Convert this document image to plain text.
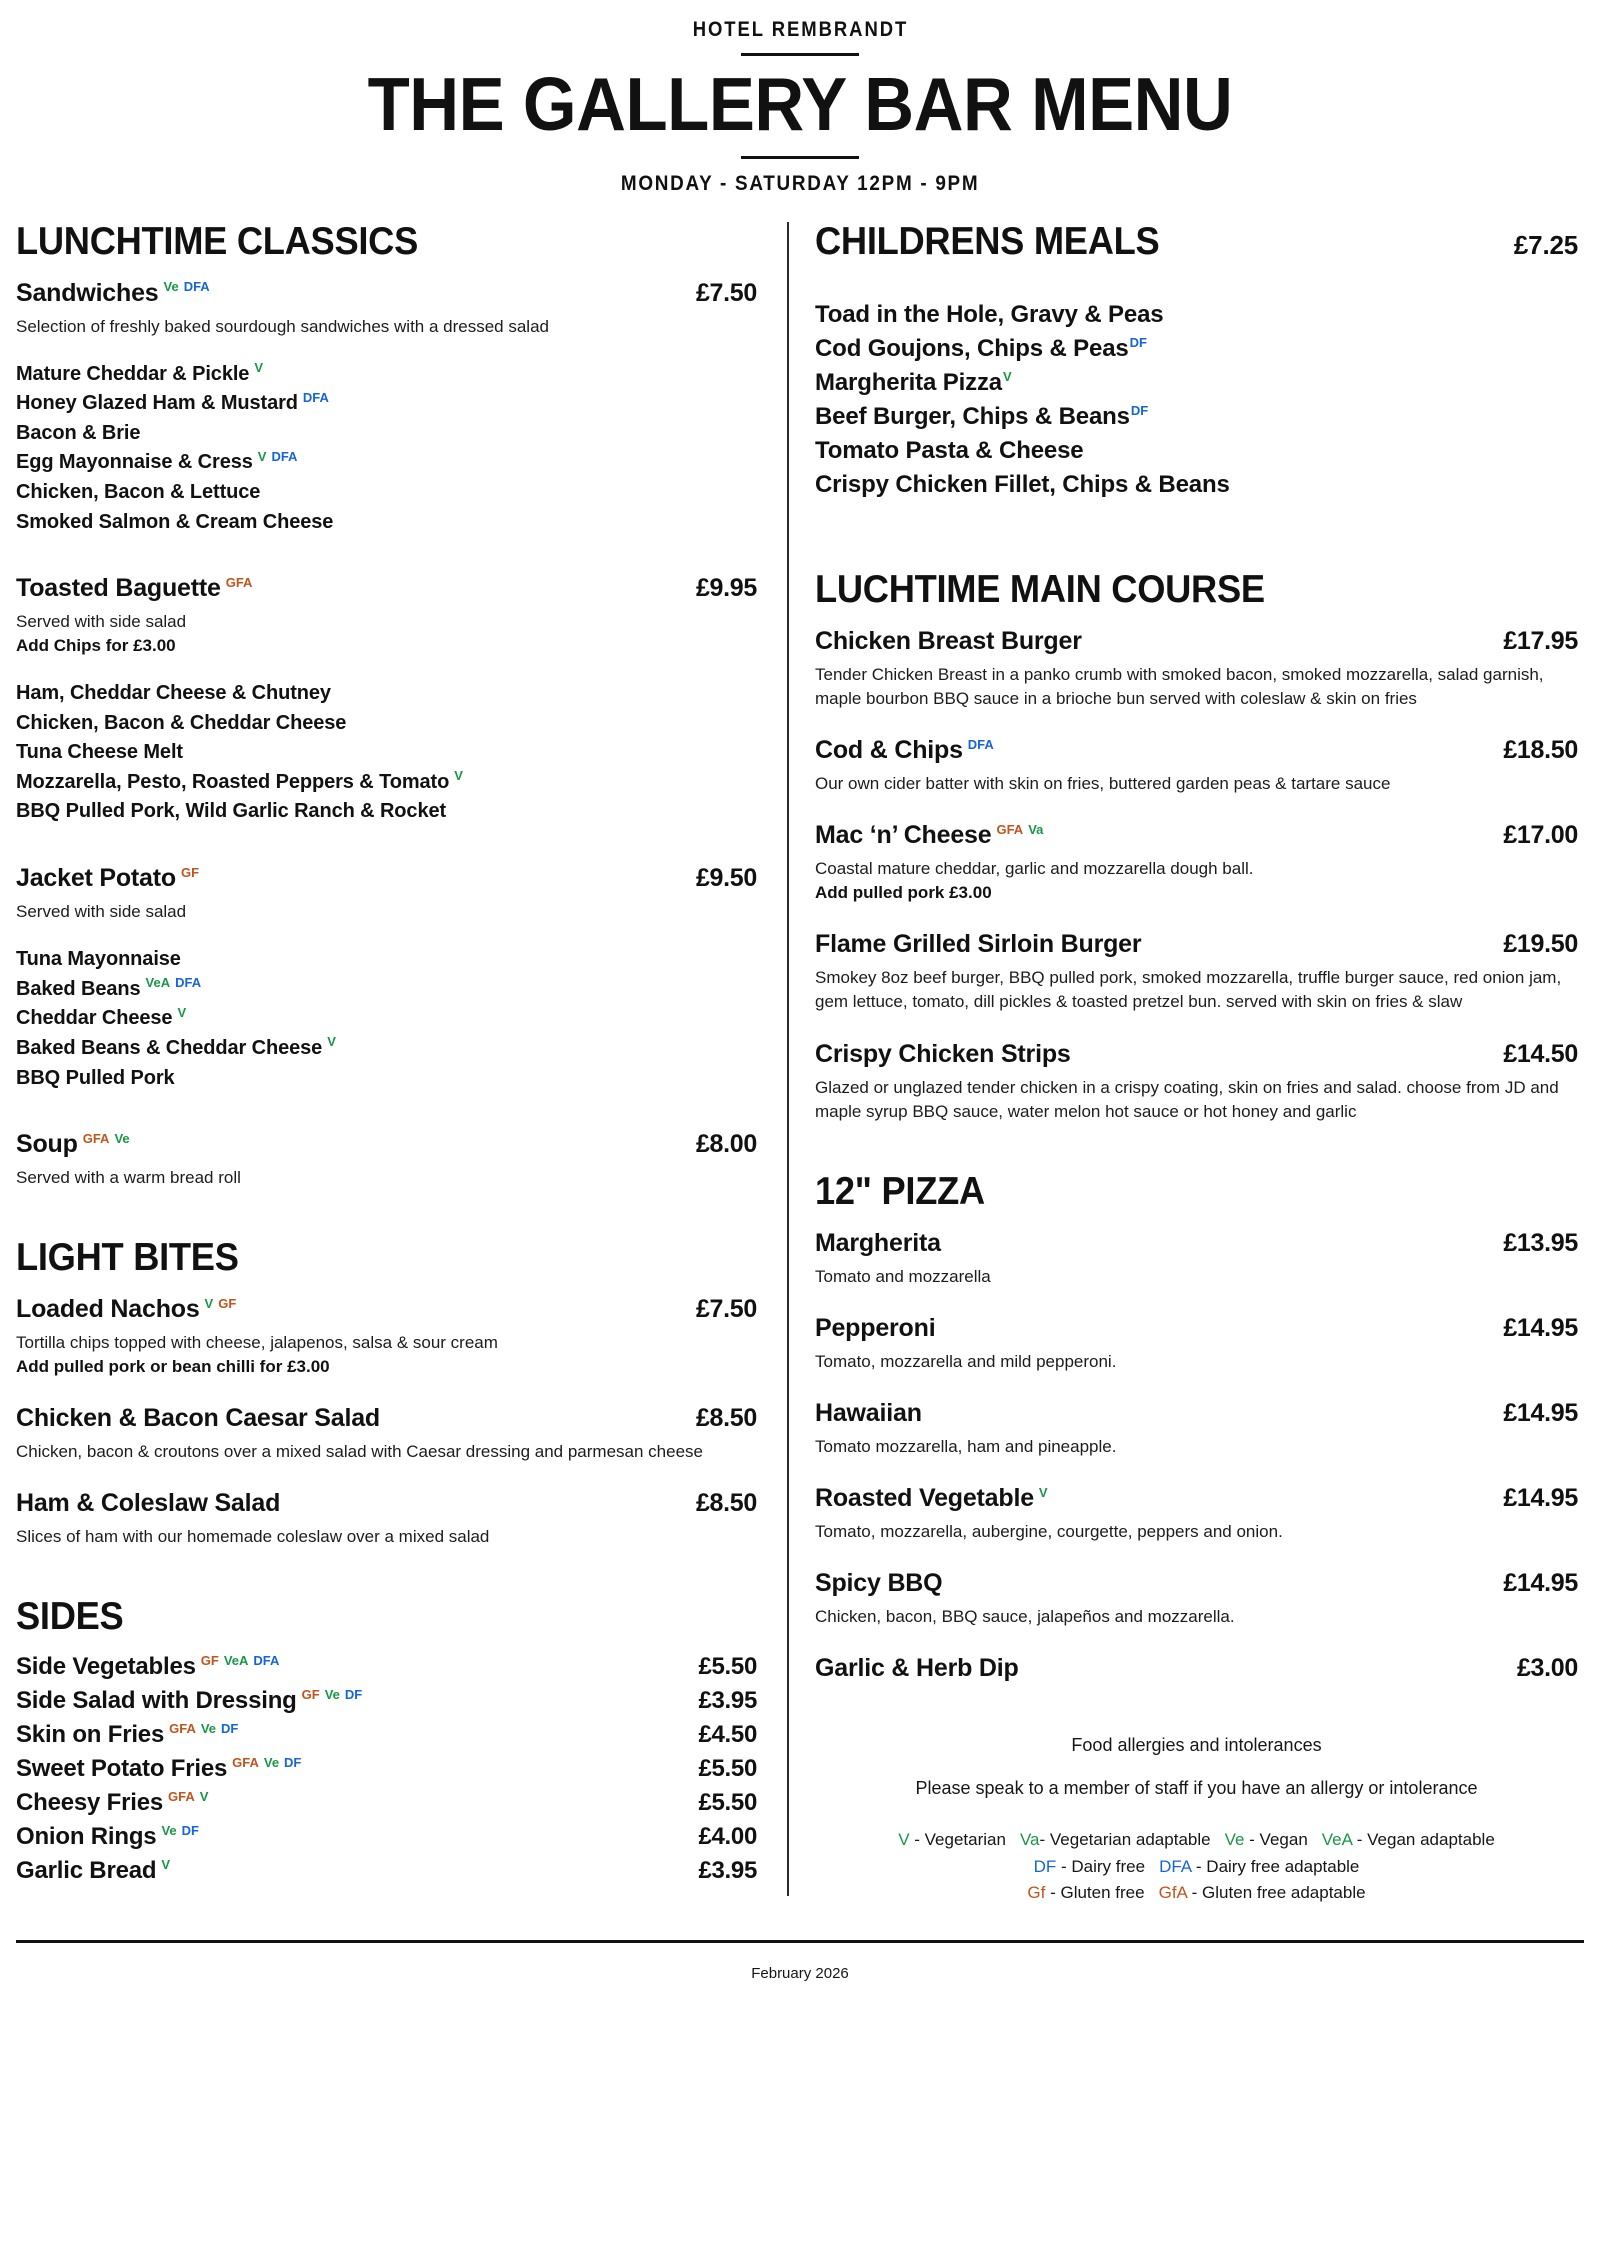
HOTEL REMBRANDT
THE GALLERY BAR MENU
MONDAY - SATURDAY 12PM - 9PM
LUNCHTIME CLASSICS
Sandwiches $^{Ve}$ $^{DFA}$	£7.50
Selection of freshly baked sourdough sandwiches with a dressed salad
Mature Cheddar & Pickle $^V$
Honey Glazed Ham & Mustard $^{DFA}$
Bacon & Brie
Egg Mayonnaise & Cress $^V$ $^{DFA}$
Chicken, Bacon & Lettuce
Smoked Salmon & Cream Cheese
Toasted Baguette $^{GFA}$	£9.95
Served with side salad
Add Chips for £3.00
Ham, Cheddar Cheese & Chutney
Chicken, Bacon & Cheddar Cheese
Tuna Cheese Melt
Mozzarella, Pesto, Roasted Peppers & Tomato $^V$
BBQ Pulled Pork, Wild Garlic Ranch & Rocket
Jacket Potato $^{GF}$	£9.50
Served with side salad
Tuna Mayonnaise
Baked Beans $^{VeA}$ $^{DFA}$
Cheddar Cheese $^V$
Baked Beans & Cheddar Cheese $^V$
BBQ Pulled Pork
Soup $^{GFA}$ $^{Ve}$	£8.00
Served with a warm bread roll
LIGHT BITES
Loaded Nachos $^V$ $^{GF}$	£7.50
Tortilla chips topped with cheese, jalapenos, salsa & sour cream
Add pulled pork or bean chilli for £3.00
Chicken & Bacon Caesar Salad	£8.50
Chicken, bacon & croutons over a mixed salad with Caesar dressing and parmesan cheese
Ham & Coleslaw Salad	£8.50
Slices of ham with our homemade coleslaw over a mixed salad
SIDES
Side Vegetables $^{GF}$ $^{VeA}$ $^{DFA}$	£5.50
Side Salad with Dressing $^{GF}$ $^{Ve}$ $^{DF}$	£3.95
Skin on Fries $^{GFA}$ $^{Ve}$ $^{DF}$	£4.50
Sweet Potato Fries $^{GFA}$ $^{Ve}$ $^{DF}$	£5.50
Cheesy Fries $^{GFA}$ $^V$	£5.50
Onion Rings $^{Ve}$ $^{DF}$	£4.00
Garlic Bread $^V$	£3.95
CHILDRENS MEALS	£7.25
Toad in the Hole, Gravy & Peas
Cod Goujons, Chips & Peas$^{DF}$
Margherita Pizza$^V$
Beef Burger, Chips & Beans$^{DF}$
Tomato Pasta & Cheese
Crispy Chicken Fillet, Chips & Beans
LUCHTIME MAIN COURSE
Chicken Breast Burger	£17.95
Tender Chicken Breast in a panko crumb with smoked bacon, smoked mozzarella, salad garnish, maple bourbon BBQ sauce in a brioche bun served with coleslaw & skin on fries
Cod & Chips $^{DFA}$	£18.50
Our own cider batter with skin on fries, buttered garden peas & tartare sauce
Mac ‘n’ Cheese $^{GFA}$ $^{Va}$	£17.00
Coastal mature cheddar, garlic and mozzarella dough ball.
Add pulled pork £3.00
Flame Grilled Sirloin Burger	£19.50
Smokey 8oz beef burger, BBQ pulled pork, smoked mozzarella, truffle burger sauce, red onion jam, gem lettuce, tomato, dill pickles & toasted pretzel bun. served with skin on fries & slaw
Crispy Chicken Strips	£14.50
Glazed or unglazed tender chicken in a crispy coating, skin on fries and salad. choose from JD and maple syrup BBQ sauce, water melon hot sauce or hot honey and garlic
12" PIZZA
Margherita	£13.95
Tomato and mozzarella
Pepperoni	£14.95
Tomato, mozzarella and mild pepperoni.
Hawaiian	£14.95
Tomato mozzarella, ham and pineapple.
Roasted Vegetable $^V$	£14.95
Tomato, mozzarella, aubergine, courgette, peppers and onion.
Spicy BBQ	£14.95
Chicken, bacon, BBQ sauce, jalapeños and mozzarella.
Garlic & Herb Dip	£3.00
Food allergies and intolerances
Please speak to a member of staff if you have an allergy or intolerance
V - Vegetarian Va- Vegetarian adaptable Ve - Vegan VeA - Vegan adaptable
DF - Dairy free DFA - Dairy free adaptable
Gf - Gluten free GfA - Gluten free adaptable
February 2026
